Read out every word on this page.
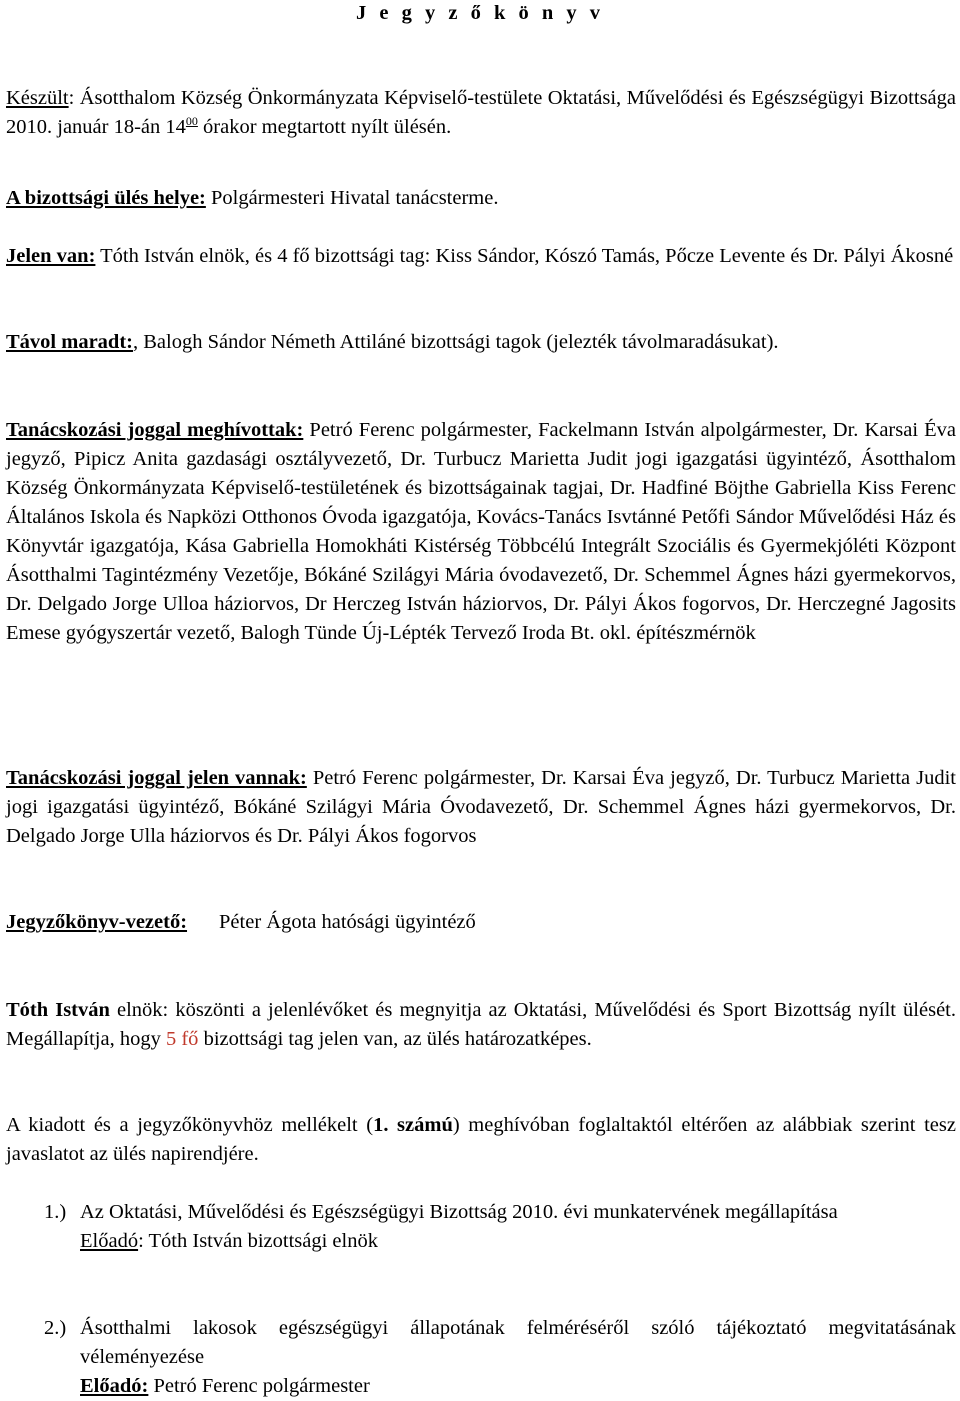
J e g y z ő k ö n y v
Készült: Ásotthalom Község Önkormányzata Képviselő-testülete Oktatási, Művelődési és Egészségügyi Bizottsága 2010. január 18-án $14^{00}$ órakor megtartott nyílt ülésén.
A bizottsági ülés helye: Polgármesteri Hivatal tanácsterme.
Jelen van: Tóth István elnök, és 4 fő bizottsági tag: Kiss Sándor, Kószó Tamás, Pőcze Levente és Dr. Pályi Ákosné
Távol maradt:, Balogh Sándor Németh Attiláné bizottsági tagok (jelezték távolmaradásukat).
Tanácskozási joggal meghívottak: Petró Ferenc polgármester, Fackelmann István alpolgármester, Dr. Karsai Éva jegyző, Pipicz Anita gazdasági osztályvezető, Dr. Turbucz Marietta Judit jogi igazgatási ügyintéző, Ásotthalom Község Önkormányzata Képviselő-testületének és bizottságainak tagjai, Dr. Hadfiné Böjthe Gabriella Kiss Ferenc Általános Iskola és Napközi Otthonos Óvoda igazgatója, Kovács-Tanács Isvtánné Petőfi Sándor Művelődési Ház és Könyvtár igazgatója, Kása Gabriella Homokháti Kistérség Többcélú Integrált Szociális és Gyermekjóléti Központ Ásotthalmi Tagintézmény Vezetője, Bókáné Szilágyi Mária óvodavezető, Dr. Schemmel Ágnes házi gyermekorvos, Dr. Delgado Jorge Ulloa háziorvos, Dr Herczeg István háziorvos, Dr. Pályi Ákos fogorvos, Dr. Herczegné Jagosits Emese gyógyszertár vezető, Balogh Tünde Új-Lépték Tervező Iroda Bt. okl. építészmérnök
Tanácskozási joggal jelen vannak: Petró Ferenc polgármester, Dr. Karsai Éva jegyző, Dr. Turbucz Marietta Judit jogi igazgatási ügyintéző, Bókáné Szilágyi Mária Óvodavezető, Dr. Schemmel Ágnes házi gyermekorvos, Dr. Delgado Jorge Ulla háziorvos és Dr. Pályi Ákos fogorvos
Jegyzőkönyv-vezető: Péter Ágota hatósági ügyintéző
Tóth István elnök: köszönti a jelenlévőket és megnyitja az Oktatási, Művelődési és Sport Bizottság nyílt ülését. Megállapítja, hogy 5 fő bizottsági tag jelen van, az ülés határozatképes.
A kiadott és a jegyzőkönyvhöz mellékelt (1. számú) meghívóban foglaltaktól eltérően az alábbiak szerint tesz javaslatot az ülés napirendjére.
1.) Az Oktatási, Művelődési és Egészségügyi Bizottság 2010. évi munkatervének megállapítása
Előadó: Tóth István bizottsági elnök
2.) Ásotthalmi lakosok egészségügyi állapotának felméréséről szóló tájékoztató megvitatásának véleményezése
Előadó: Petró Ferenc polgármester
